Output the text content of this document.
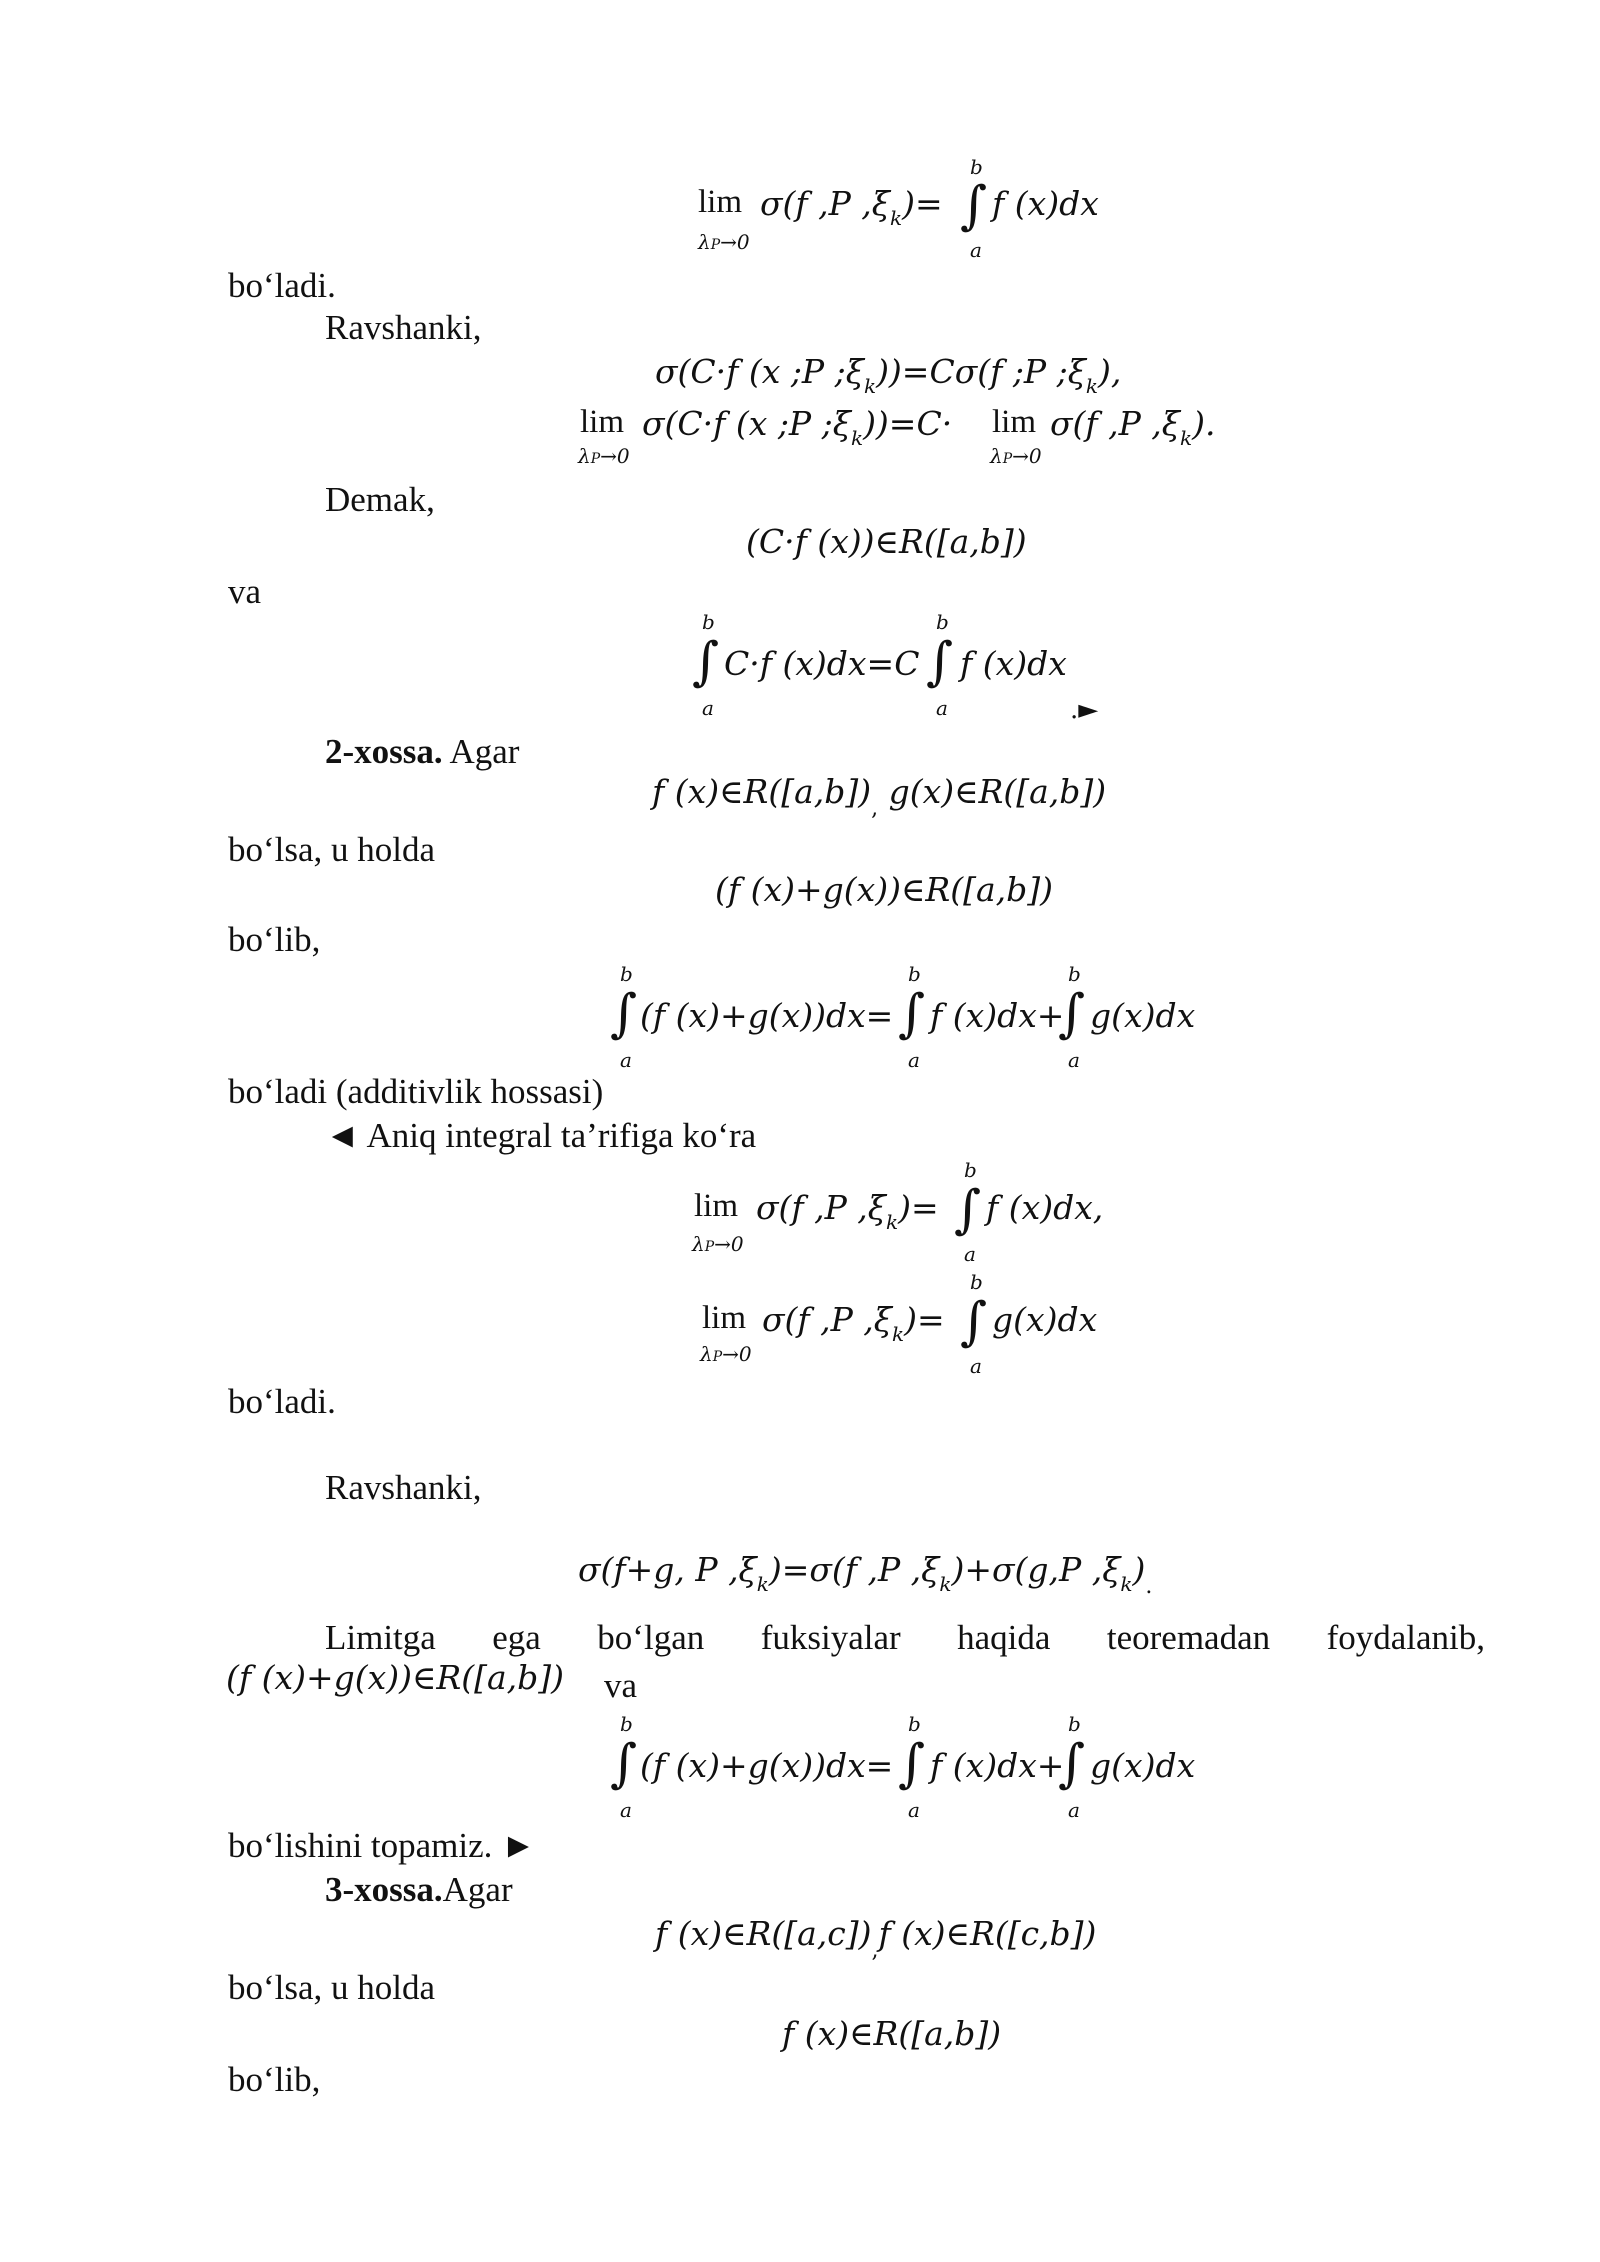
lim
λP→0
σ(f ,P $,\xi_k)=$
b
∫
a
f (x)dx
bo‘ladi.
Ravshanki,
σ(C·f (x ;P $;\xi_k))=C\sigma(f$ ;P $;\xi_k$),
lim
λP→0
σ(C·f (x ;P $;\xi_k))=C\cdot \lim$
λP→0
σ(f ,P $,\xi_k$).
Demak,
(C·f (x))∈R([a,b])
va
b
∫
a
C·f (x)dx=C
b
∫
a
f (x)dx
.►
2-xossa. Agar
f $(x)\in R([a,b])_,$ g(x)∈R([a,b])
bo‘lsa, u holda
(f (x)+g(x))∈R([a,b])
bo‘lib,
b
∫
a
(f (x)+g(x))dx=
b
∫
a
f (x)dx+
b
∫
a
g(x)dx
bo‘ladi (additivlik hossasi)
◄ Aniq integral ta’rifiga ko‘ra
lim
λP→0
σ(f ,P $,\xi_k)=$
b
∫
a
f (x)dx,
lim
λP→0
σ(f ,P $,\xi_k)=$
b
∫
a
g(x)dx
bo‘ladi.
Ravshanki,
σ(f+g, P $,\xi_k)=\sigma(f$ ,P $,\xi_k)+\sigma(g,P$ $,\xi_k)_.$
Limitga ega bo‘lgan fuksiyalar haqida teoremadan foydalanib,
(f (x)+g(x))∈R([a,b]) va
b
∫
a
(f (x)+g(x))dx=
b
∫
a
f (x)dx+
b
∫
a
g(x)dx
bo‘lishini topamiz. ►
3-xossa.Agar
f $(x)\in R([a,c])_,f$ (x)∈R([c,b])
bo‘lsa, u holda
f (x)∈R([a,b])
bo‘lib,
